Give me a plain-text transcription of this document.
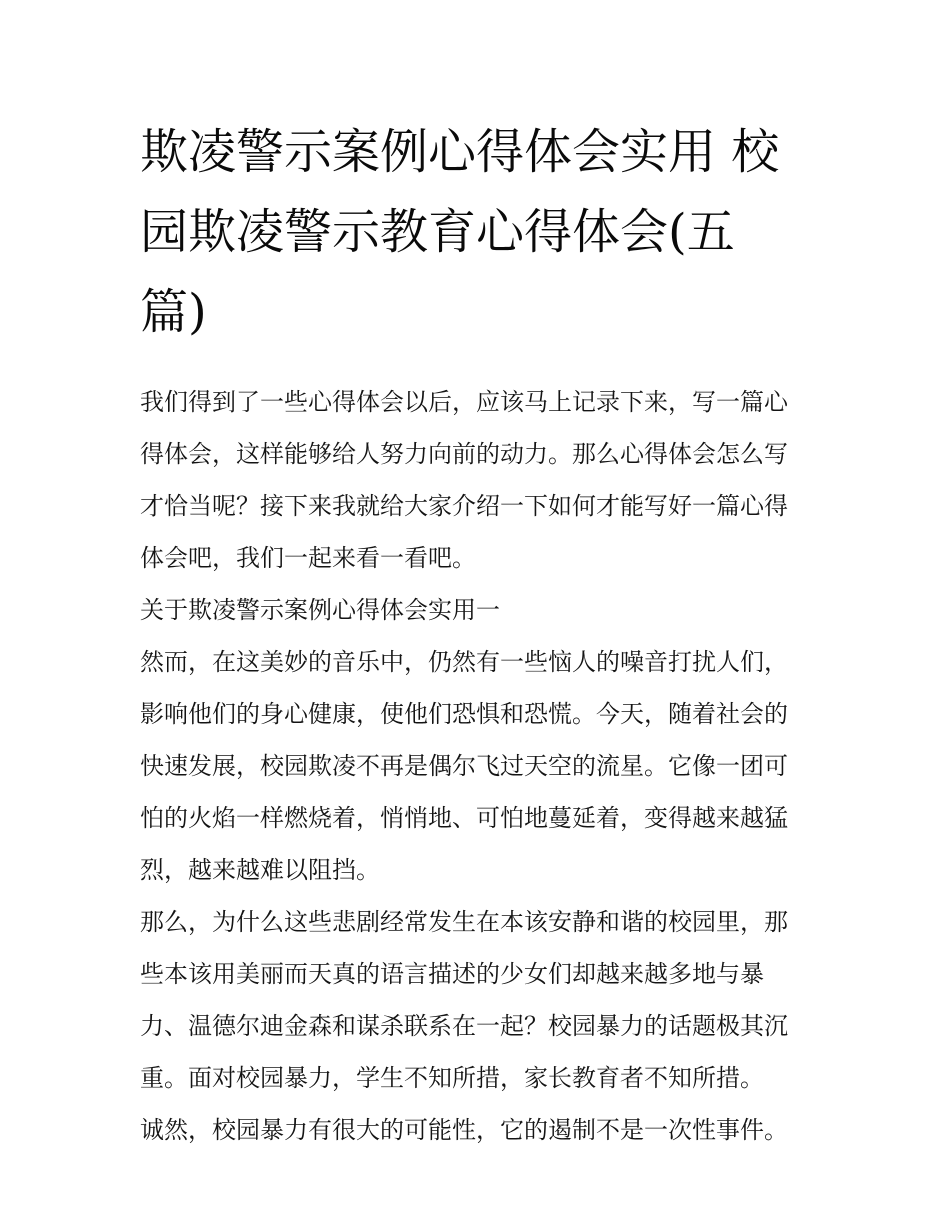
欺凌警示案例心得体会实用 校
园欺凌警示教育心得体会(五
篇)

我们得到了一些心得体会以后，应该马上记录下来，写一篇心
得体会，这样能够给人努力向前的动力。那么心得体会怎么写
才恰当呢？接下来我就给大家介绍一下如何才能写好一篇心得
体会吧，我们一起来看一看吧。

关于欺凌警示案例心得体会实用一

然而，在这美妙的音乐中，仍然有一些恼人的噪音打扰人们，
影响他们的身心健康，使他们恐惧和恐慌。今天，随着社会的
快速发展，校园欺凌不再是偶尔飞过天空的流星。它像一团可
怕的火焰一样燃烧着，悄悄地、可怕地蔓延着，变得越来越猛
烈，越来越难以阻挡。

那么，为什么这些悲剧经常发生在本该安静和谐的校园里，那
些本该用美丽而天真的语言描述的少女们却越来越多地与暴
力、温德尔迪金森和谋杀联系在一起？校园暴力的话题极其沉
重。面对校园暴力，学生不知所措，家长教育者不知所措。
诚然，校园暴力有很大的可能性，它的遏制不是一次性事件。
